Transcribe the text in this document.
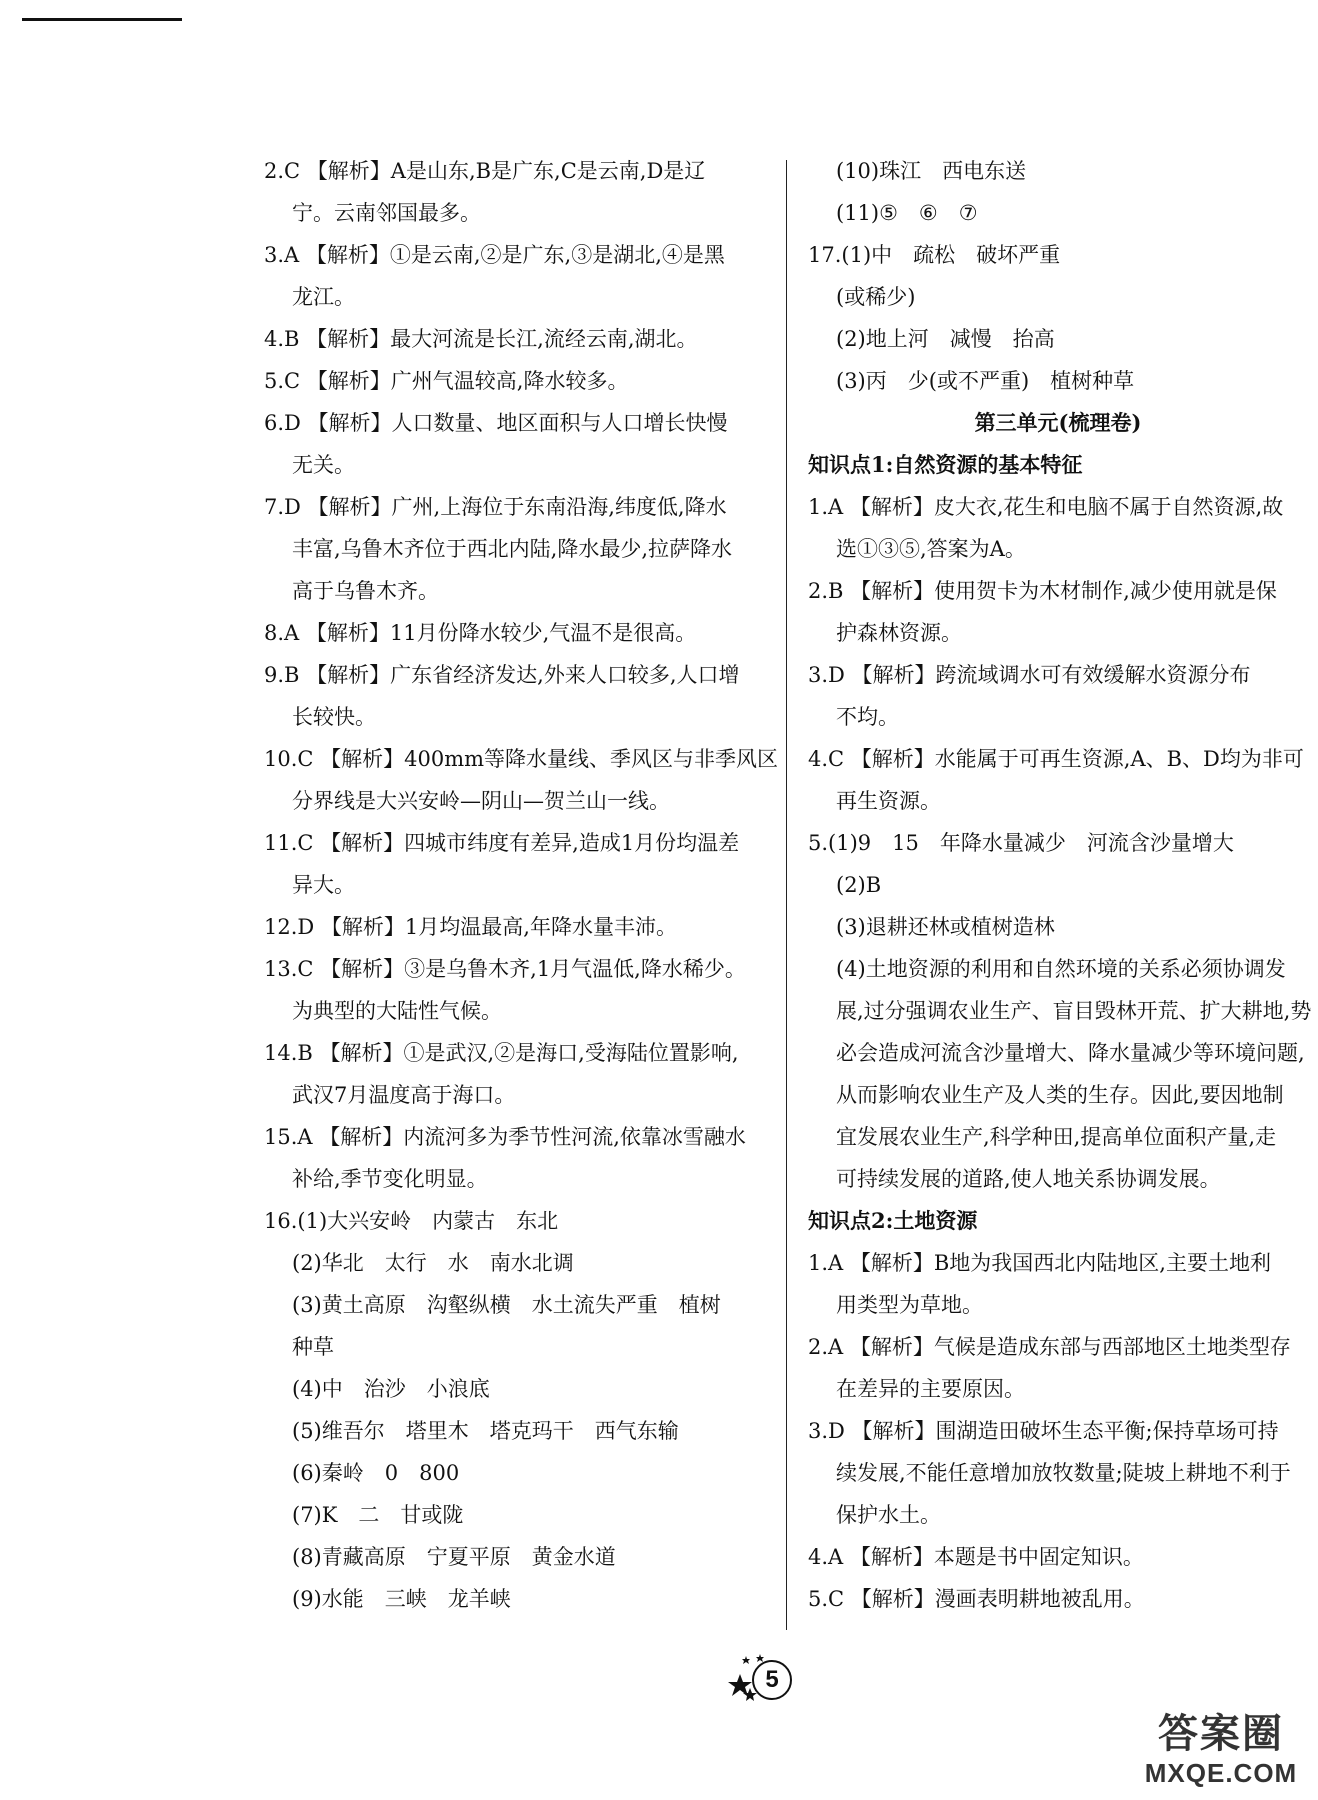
2.C 【解析】A是山东,B是广东,C是云南,D是辽
宁。云南邻国最多。
3.A 【解析】①是云南,②是广东,③是湖北,④是黑
龙江。
4.B 【解析】最大河流是长江,流经云南,湖北。
5.C 【解析】广州气温较高,降水较多。
6.D 【解析】人口数量、地区面积与人口增长快慢
无关。
7.D 【解析】广州,上海位于东南沿海,纬度低,降水
丰富,乌鲁木齐位于西北内陆,降水最少,拉萨降水
高于乌鲁木齐。
8.A 【解析】11月份降水较少,气温不是很高。
9.B 【解析】广东省经济发达,外来人口较多,人口增
长较快。
10.C 【解析】400mm等降水量线、季风区与非季风区
分界线是大兴安岭—阴山—贺兰山一线。
11.C 【解析】四城市纬度有差异,造成1月份均温差
异大。
12.D 【解析】1月均温最高,年降水量丰沛。
13.C 【解析】③是乌鲁木齐,1月气温低,降水稀少。
为典型的大陆性气候。
14.B 【解析】①是武汉,②是海口,受海陆位置影响,
武汉7月温度高于海口。
15.A 【解析】内流河多为季节性河流,依靠冰雪融水
补给,季节变化明显。
16.(1)大兴安岭　内蒙古　东北
(2)华北　太行　水　南水北调
(3)黄土高原　沟壑纵横　水土流失严重　植树
种草
(4)中　治沙　小浪底
(5)维吾尔　塔里木　塔克玛干　西气东输
(6)秦岭　0　800
(7)K　二　甘或陇
(8)青藏高原　宁夏平原　黄金水道
(9)水能　三峡　龙羊峡
(10)珠江　西电东送
(11)⑤　⑥　⑦
17.(1)中　疏松　破坏严重
(或稀少)
(2)地上河　减慢　抬高
(3)丙　少(或不严重)　植树种草
第三单元(梳理卷)
知识点1:自然资源的基本特征
1.A 【解析】皮大衣,花生和电脑不属于自然资源,故
选①③⑤,答案为A。
2.B 【解析】使用贺卡为木材制作,减少使用就是保
护森林资源。
3.D 【解析】跨流域调水可有效缓解水资源分布
不均。
4.C 【解析】水能属于可再生资源,A、B、D均为非可
再生资源。
5.(1)9　15　年降水量减少　河流含沙量增大
(2)B
(3)退耕还林或植树造林
(4)土地资源的利用和自然环境的关系必须协调发
展,过分强调农业生产、盲目毁林开荒、扩大耕地,势
必会造成河流含沙量增大、降水量减少等环境问题,
从而影响农业生产及人类的生存。因此,要因地制
宜发展农业生产,科学种田,提高单位面积产量,走
可持续发展的道路,使人地关系协调发展。
知识点2:土地资源
1.A 【解析】B地为我国西北内陆地区,主要土地利
用类型为草地。
2.A 【解析】气候是造成东部与西部地区土地类型存
在差异的主要原因。
3.D 【解析】围湖造田破坏生态平衡;保持草场可持
续发展,不能任意增加放牧数量;陡坡上耕地不利于
保护水土。
4.A 【解析】本题是书中固定知识。
5.C 【解析】漫画表明耕地被乱用。
5
答案圈
MXQE.COM
